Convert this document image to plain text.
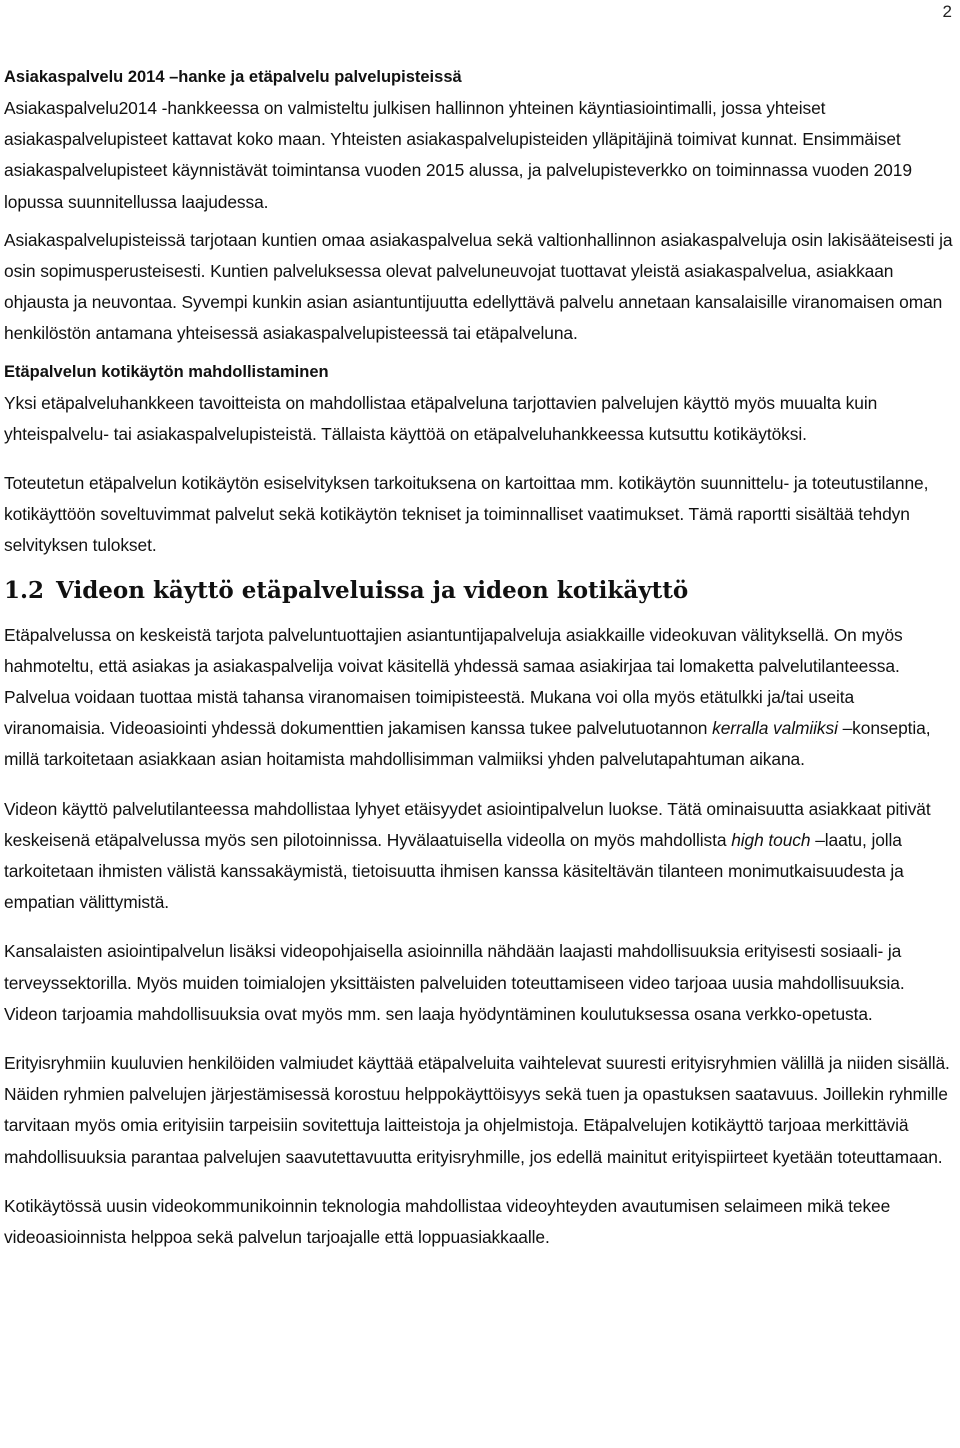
2

Asiakaspalvelu 2014 –hanke ja etäpalvelu palvelupisteissä

Asiakaspalvelu2014 -hankkeessa on valmisteltu julkisen hallinnon yhteinen käyntiasiointimalli, jossa yhteiset asiakaspalvelupisteet kattavat koko maan. Yhteisten asiakaspalvelupisteiden ylläpitäjinä toimivat kunnat. Ensimmäiset asiakaspalvelupisteet käynnistävät toimintansa vuoden 2015 alussa, ja palvelupisteverkko on toiminnassa vuoden 2019 lopussa suunnitellussa laajudessa.

Asiakaspalvelupisteissä tarjotaan kuntien omaa asiakaspalvelua sekä valtionhallinnon asiakaspalveluja osin lakisääteisesti ja osin sopimusperusteisesti. Kuntien palveluksessa olevat palveluneuvojat tuottavat yleistä asiakaspalvelua, asiakkaan ohjausta ja neuvontaa. Syvempi kunkin asian asiantuntijuutta edellyttävä palvelu annetaan kansalaisille viranomaisen oman henkilöstön antamana yhteisessä asiakaspalvelupisteessä tai etäpalveluna.

Etäpalvelun kotikäytön mahdollistaminen

Yksi etäpalveluhankkeen tavoitteista on mahdollistaa etäpalveluna tarjottavien palvelujen käyttö myös muualta kuin yhteispalvelu- tai asiakaspalvelupisteistä. Tällaista käyttöä on etäpalveluhankkeessa kutsuttu kotikäytöksi.

Toteutetun etäpalvelun kotikäytön esiselvityksen tarkoituksena on kartoittaa mm. kotikäytön suunnittelu- ja toteutustilanne, kotikäyttöön soveltuvimmat palvelut sekä kotikäytön tekniset ja toiminnalliset vaatimukset. Tämä raportti sisältää tehdyn selvityksen tulokset.

1.2 Videon käyttö etäpalveluissa ja videon kotikäyttö

Etäpalvelussa on keskeistä tarjota palveluntuottajien asiantuntijapalveluja asiakkaille videokuvan välityksellä. On myös hahmoteltu, että asiakas ja asiakaspalvelija voivat käsitellä yhdessä samaa asiakirjaa tai lomaketta palvelutilanteessa. Palvelua voidaan tuottaa mistä tahansa viranomaisen toimipisteestä. Mukana voi olla myös etätulkki ja/tai useita viranomaisia. Videoasiointi yhdessä dokumenttien jakamisen kanssa tukee palvelutuotannon kerralla valmiiksi –konseptia, millä tarkoitetaan asiakkaan asian hoitamista mahdollisimman valmiiksi yhden palvelutapahtuman aikana.

Videon käyttö palvelutilanteessa mahdollistaa lyhyet etäisyydet asiointipalvelun luokse. Tätä ominaisuutta asiakkaat pitivät keskeisenä etäpalvelussa myös sen pilotoinnissa. Hyvälaatuisella videolla on myös mahdollista high touch –laatu, jolla tarkoitetaan ihmisten välistä kanssakäymistä, tietoisuutta ihmisen kanssa käsiteltävän tilanteen monimutkaisuudesta ja empatian välittymistä.

Kansalaisten asiointipalvelun lisäksi videopohjaisella asioinnilla nähdään laajasti mahdollisuuksia erityisesti sosiaali- ja terveyssektorilla. Myös muiden toimialojen yksittäisten palveluiden toteuttamiseen video tarjoaa uusia mahdollisuuksia. Videon tarjoamia mahdollisuuksia ovat myös mm. sen laaja hyödyntäminen koulutuksessa osana verkko-opetusta.

Erityisryhmiin kuuluvien henkilöiden valmiudet käyttää etäpalveluita vaihtelevat suuresti erityisryhmien välillä ja niiden sisällä. Näiden ryhmien palvelujen järjestämisessä korostuu helppokäyttöisyys sekä tuen ja opastuksen saatavuus. Joillekin ryhmille tarvitaan myös omia erityisiin tarpeisiin sovitettuja laitteistoja ja ohjelmistoja. Etäpalvelujen kotikäyttö tarjoaa merkittäviä mahdollisuuksia parantaa palvelujen saavutettavuutta erityisryhmille, jos edellä mainitut erityispiirteet kyetään toteuttamaan.

Kotikäytössä uusin videokommunikoinnin teknologia mahdollistaa videoyhteyden avautumisen selaimeen mikä tekee videoasioinnista helppoa sekä palvelun tarjoajalle että loppuasiakkaalle.
